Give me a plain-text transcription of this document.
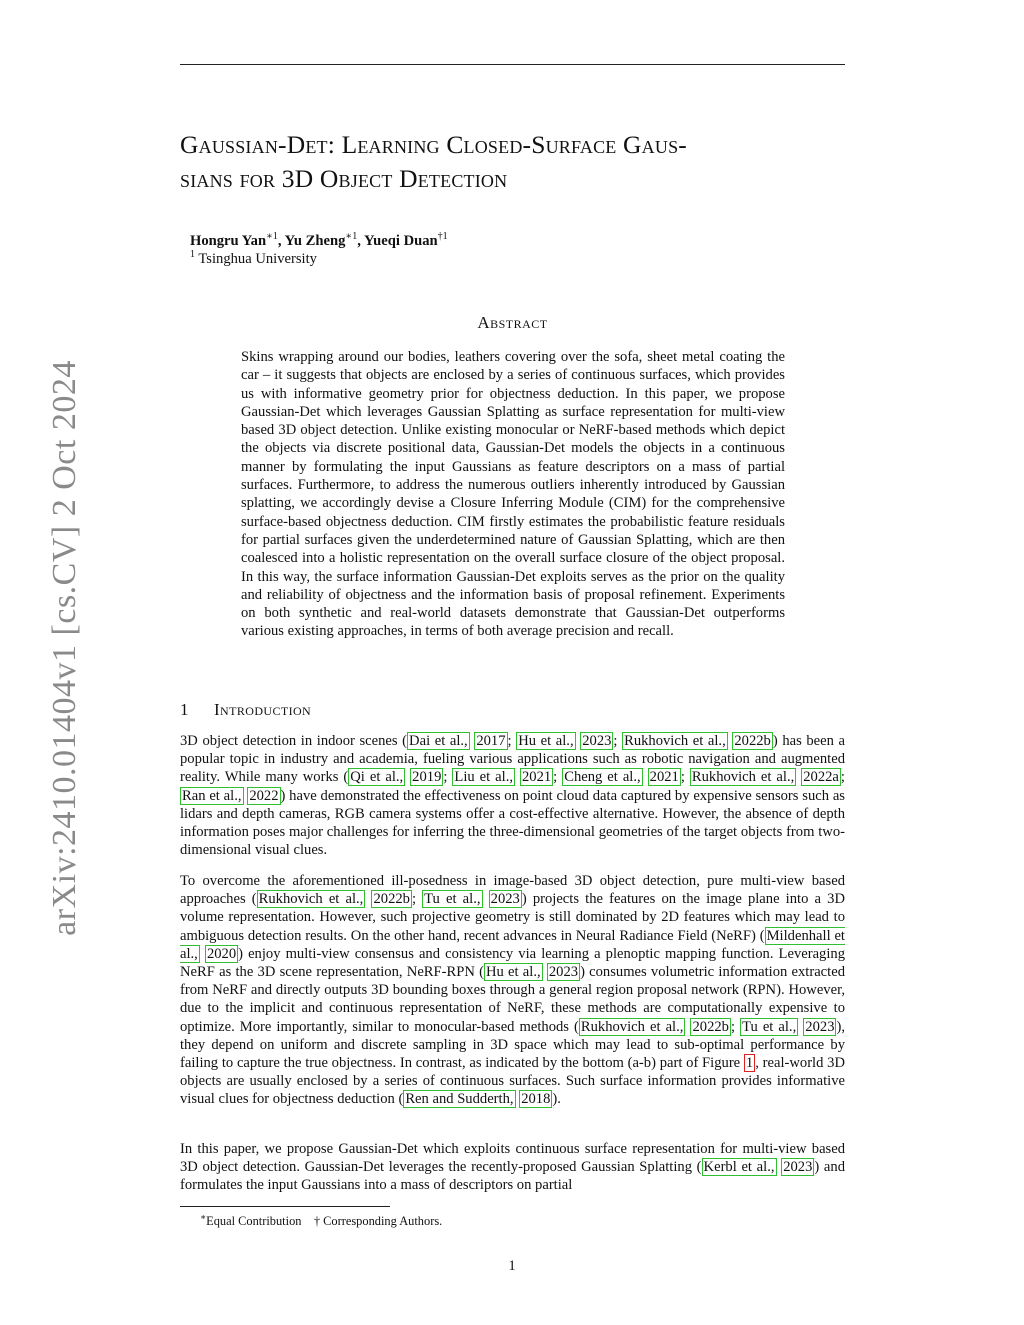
arXiv:2410.01404v1 [cs.CV] 2 Oct 2024
Gaussian-Det: Learning Closed-Surface Gaus-
sians for 3D Object Detection
Hongru Yan$^{∗1}$, Yu Zheng$^{∗1}$, Yueqi Duan$^{\dagger 1}$
$^1$ Tsinghua University
Abstract
Skins wrapping around our bodies, leathers covering over the sofa, sheet metal coating the car – it suggests that objects are enclosed by a series of continuous surfaces, which provides us with informative geometry prior for objectness deduction. In this paper, we propose Gaussian-Det which leverages Gaussian Splatting as surface representation for multi-view based 3D object detection. Unlike existing monocular or NeRF-based methods which depict the objects via discrete positional data, Gaussian-Det models the objects in a continuous manner by formulating the input Gaussians as feature descriptors on a mass of partial surfaces. Furthermore, to address the numerous outliers inherently introduced by Gaussian splatting, we accordingly devise a Closure Inferring Module (CIM) for the comprehensive surface-based objectness deduction. CIM firstly estimates the probabilistic feature residuals for partial surfaces given the underdetermined nature of Gaussian Splatting, which are then coalesced into a holistic representation on the overall surface closure of the object proposal. In this way, the surface information Gaussian-Det exploits serves as the prior on the quality and reliability of objectness and the information basis of proposal refinement. Experiments on both synthetic and real-world datasets demonstrate that Gaussian-Det outperforms various existing approaches, in terms of both average precision and recall.
1 Introduction
3D object detection in indoor scenes ( Dai et al., 2017 ; Hu et al., 2023 ; Rukhovich et al., 2022b ) has been a popular topic in industry and academia, fueling various applications such as robotic navigation and augmented reality. While many works ( Qi et al., 2019 ; Liu et al., 2021 ; Cheng et al., 2021 ; Rukhovich et al., 2022a ; Ran et al., 2022 ) have demonstrated the effectiveness on point cloud data captured by expensive sensors such as lidars and depth cameras, RGB camera systems offer a cost-effective alternative. However, the absence of depth information poses major challenges for inferring the three-dimensional geometries of the target objects from two-dimensional visual clues.
To overcome the aforementioned ill-posedness in image-based 3D object detection, pure multi-view based approaches ( Rukhovich et al., 2022b ; Tu et al., 2023 ) projects the features on the image plane into a 3D volume representation. However, such projective geometry is still dominated by 2D features which may lead to ambiguous detection results. On the other hand, recent advances in Neural Radiance Field (NeRF) ( Mildenhall et al., 2020 ) enjoy multi-view consensus and consistency via learning a plenoptic mapping function. Leveraging NeRF as the 3D scene representation, NeRF-RPN ( Hu et al., 2023 ) consumes volumetric information extracted from NeRF and directly outputs 3D bounding boxes through a general region proposal network (RPN). However, due to the implicit and continuous representation of NeRF, these methods are computationally expensive to optimize. More importantly, similar to monocular-based methods ( Rukhovich et al., 2022b ; Tu et al., 2023 ), they depend on uniform and discrete sampling in 3D space which may lead to sub-optimal performance by failing to capture the true objectness. In contrast, as indicated by the bottom (a-b) part of Figure 1 , real-world 3D objects are usually enclosed by a series of continuous surfaces. Such surface information provides informative visual clues for objectness deduction ( Ren and Sudderth, 2018 ).
In this paper, we propose Gaussian-Det which exploits continuous surface representation for multi-view based 3D object detection. Gaussian-Det leverages the recently-proposed Gaussian Splatting ( Kerbl et al., 2023 ) and formulates the input Gaussians into a mass of descriptors on partial
∗Equal Contribution † Corresponding Authors.
1
